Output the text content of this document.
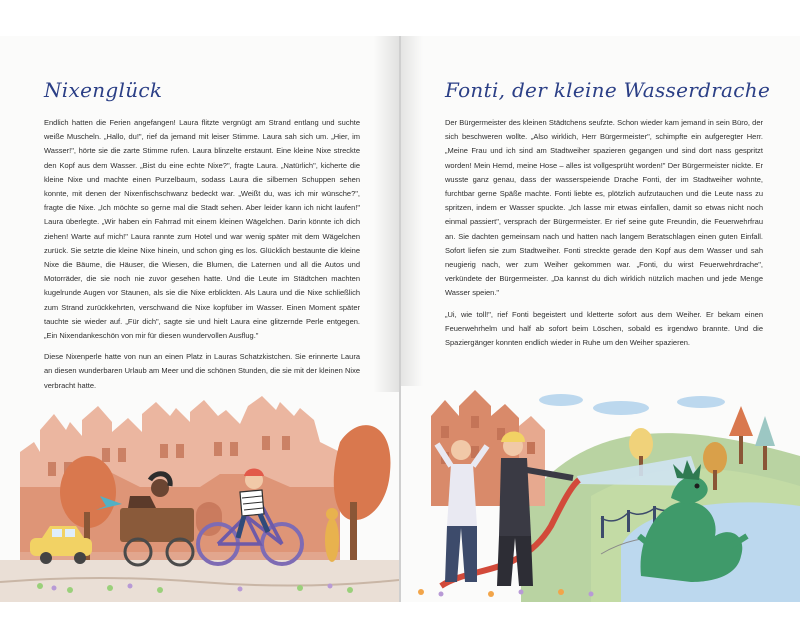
Nixenglück

Endlich hatten die Ferien angefangen! Laura flitzte vergnügt am Strand entlang und suchte weiße Muscheln. „Hallo, du!", rief da jemand mit leiser Stimme. Laura sah sich um. „Hier, im Wasser!", hörte sie die zarte Stimme rufen. Laura blinzelte erstaunt. Eine kleine Nixe streckte den Kopf aus dem Wasser. „Bist du eine echte Nixe?", fragte Laura. „Natürlich", kicherte die kleine Nixe und machte einen Purzelbaum, sodass Laura die silbernen Schuppen sehen konnte, mit denen der Nixenfischschwanz bedeckt war. „Weißt du, was ich mir wünsche?", fragte die Nixe. „Ich möchte so gerne mal die Stadt sehen. Aber leider kann ich nicht laufen!" Laura überlegte. „Wir haben ein Fahrrad mit einem kleinen Wägelchen. Darin könnte ich dich ziehen! Warte auf mich!" Laura rannte zum Hotel und war wenig später mit dem Wägelchen zurück. Sie setzte die kleine Nixe hinein, und schon ging es los. Glücklich bestaunte die kleine Nixe die Bäume, die Häuser, die Wiesen, die Blumen, die Laternen und all die Autos und Motorräder, die sie noch nie zuvor gesehen hatte. Und die Leute im Städtchen machten kugelrunde Augen vor Staunen, als sie die Nixe erblickten. Als Laura und die Nixe schließlich zum Strand zurückkehrten, verschwand die Nixe kopfüber im Wasser. Einen Moment später tauchte sie wieder auf. „Für dich", sagte sie und hielt Laura eine glitzernde Perle entgegen. „Ein Nixendankeschön von mir für diesen wundervollen Ausflug."

Diese Nixenperle hatte von nun an einen Platz in Lauras Schatzkistchen. Sie erinnerte Laura an diesen wunderbaren Urlaub am Meer und die schönen Stunden, die sie mit der kleinen Nixe verbracht hatte.

Fonti, der kleine Wasserdrache

Der Bürgermeister des kleinen Städtchens seufzte. Schon wieder kam jemand in sein Büro, der sich beschweren wollte. „Also wirklich, Herr Bürgermeister", schimpfte ein aufgeregter Herr. „Meine Frau und ich sind am Stadtweiher spazieren gegangen und sind dort nass gespritzt worden! Mein Hemd, meine Hose – alles ist vollgesprüht worden!" Der Bürgermeister nickte. Er wusste ganz genau, dass der wasserspeiende Drache Fonti, der im Stadtweiher wohnte, furchtbar gerne Späße machte. Fonti liebte es, plötzlich aufzutauchen und die Leute nass zu spritzen, indem er Wasser spuckte. „Ich lasse mir etwas einfallen, damit so etwas nicht noch einmal passiert", versprach der Bürgermeister. Er rief seine gute Freundin, die Feuerwehrfrau an. Sie dachten gemeinsam nach und hatten nach langem Beratschlagen einen guten Einfall. Sofort liefen sie zum Stadtweiher. Fonti streckte gerade den Kopf aus dem Wasser und sah neugierig nach, wer zum Weiher gekommen war. „Fonti, du wirst Feuerwehrdrache", verkündete der Bürgermeister. „Da kannst du dich wirklich nützlich machen und jede Menge Wasser speien."

„Ui, wie toll!", rief Fonti begeistert und kletterte sofort aus dem Weiher. Er bekam einen Feuerwehrhelm und half ab sofort beim Löschen, sobald es irgendwo brannte. Und die Spaziergänger konnten endlich wieder in Ruhe um den Weiher spazieren.
